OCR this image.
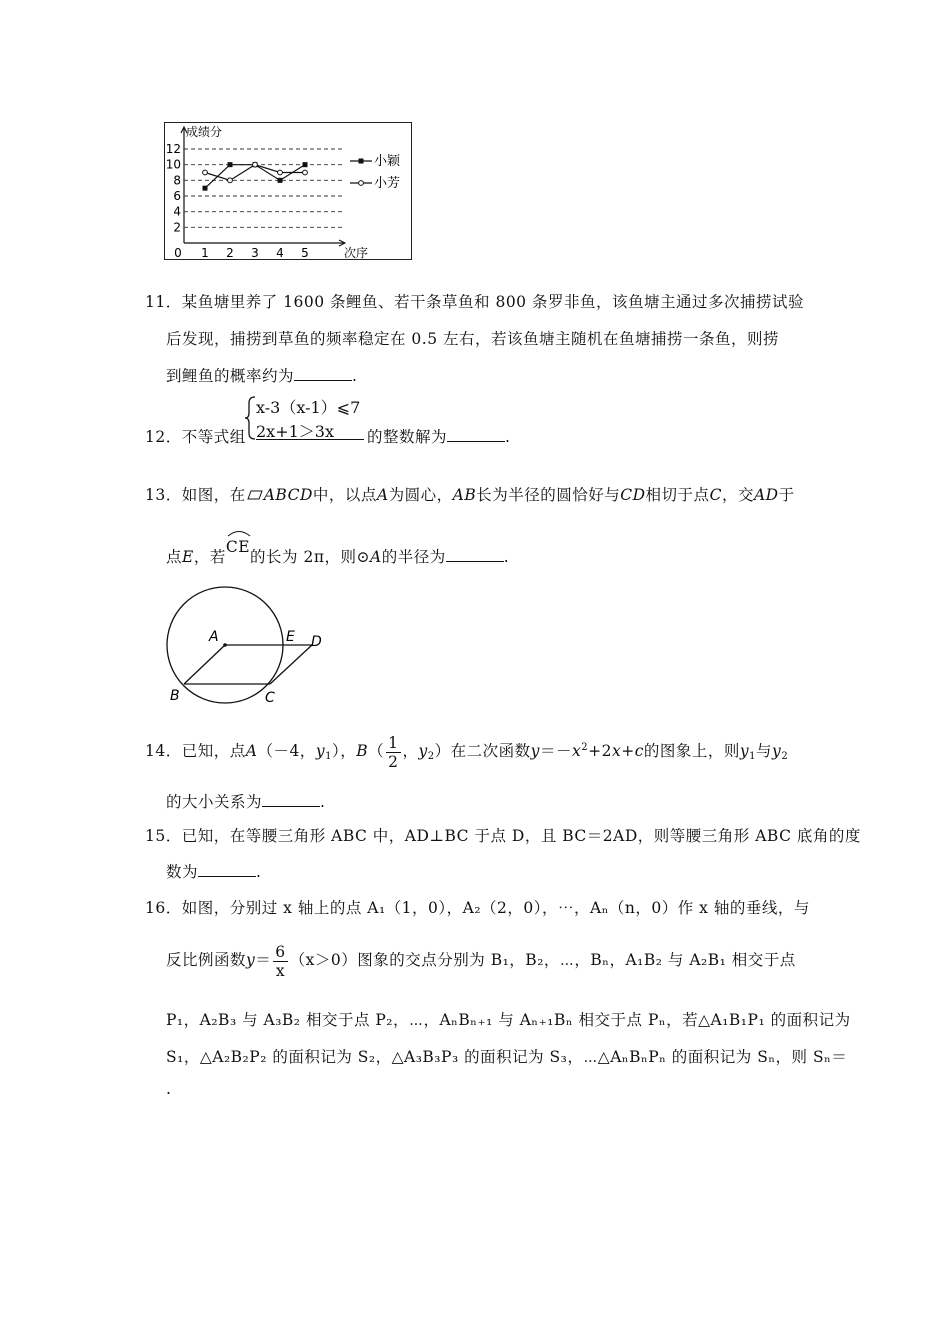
12
10
8
6
4
2
0 1 2 3 4 5
成绩分
次序
小颖
小芳
11．某鱼塘里养了 1600 条鲤鱼、若干条草鱼和 800 条罗非鱼，该鱼塘主通过多次捕捞试验
后发现，捕捞到草鱼的频率稳定在 0.5 左右，若该鱼塘主随机在鱼塘捕捞一条鱼，则捞
到鲤鱼的概率约为	.
12．不等式组
x-3（x-1）⩽7
2x+1＞3x 的整数解为	.
13．如图，在 ABCD中，以点A为圆心，AB长为半径的圆恰好与CD相切于点C，交AD于
点E，若
CE的长为 2π，则⊙A的半径为	.
A
B	C
D
E
14．已知，点A（－4，$y_1$），$B( \frac{1}{2}$ ，$y_2$）在二次函数$y=-x^2+2x+c$的图象上，则$y_1$与$y_2$
的大小关系为	.
15．已知，在等腰三角形 ABC 中，AD⊥BC 于点 D，且 BC＝2AD，则等腰三角形 ABC 底角的度
数为	.
16．如图，分别过 x 轴上的点 A₁（1，0），A₂（2，0），⋯，Aₙ（n，0）作 x 轴的垂线，与
反比例函数$y= \frac{6}{x} (x>0)$图象的交点分别为 B₁，B₂，⋯，Bₙ，A₁B₂ 与 A₂B₁ 相交于点
P₁，A₂B₃ 与 A₃B₂ 相交于点 P₂，⋯，AₙBₙ₊₁ 与 Aₙ₊₁Bₙ 相交于点 Pₙ，若△A₁B₁P₁ 的面积记为
S₁，△A₂B₂P₂ 的面积记为 S₂，△A₃B₃P₃ 的面积记为 S₃，⋯△AₙBₙPₙ 的面积记为 Sₙ，则 Sₙ＝
.
